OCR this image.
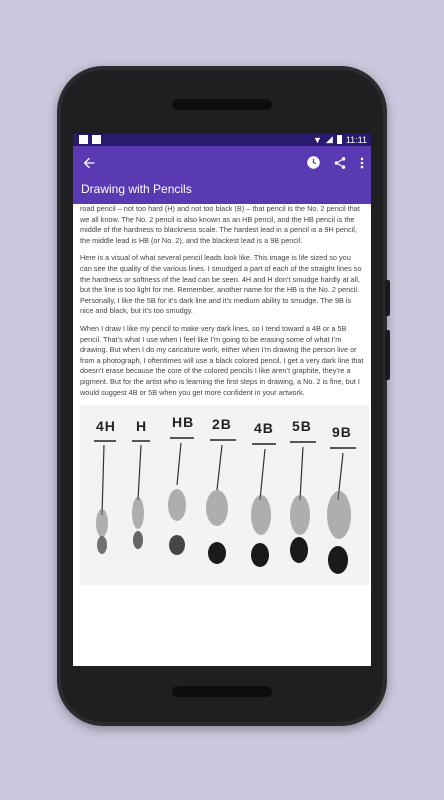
▼ ◢ 11:11
Drawing with Pencils

road pencil – not too hard (H) and not too black (B) – that pencil is the No. 2 pencil that we all know. The No. 2 pencil is also known as an HB pencil, and the HB pencil is the middle of the hardness to blackness scale. The hardest lead in a pencil is a 9H pencil, the middle lead is HB (or No. 2), and the blackest lead is a 9B pencil.

Here is a visual of what several pencil leads look like. This image is life sized so you can see the quality of the various lines. I smudged a part of each of the straight lines so the hardness or softness of the lead can be seen. 4H and H don’t smudge hardly at all, but the line is too light for me. Remember, another name for the HB is the No. 2 pencil. Personally, I like the 5B for it’s dark line and it’s medium ability to smudge. The 9B is nice and black, but it’s too smudgy.

When I draw I like my pencil to make very dark lines, so I tend toward a 4B or a 5B pencil. That’s what I use when I feel like I’m going to be erasing some of what I’m drawing. But when I do my caricature work, either when I’m drawing the person live or from a photograph, I oftentimes will use a black colored pencil. I get a very dark line that doesn’t erase because the core of the colored pencils I like aren’t graphite, they’re a pigment. But for the artist who is learning the first steps in drawing, a No. 2 is fine, but I would suggest 4B or 5B when you get more confident in your artwork.

4H H HB 2B 4B 5B 9B
